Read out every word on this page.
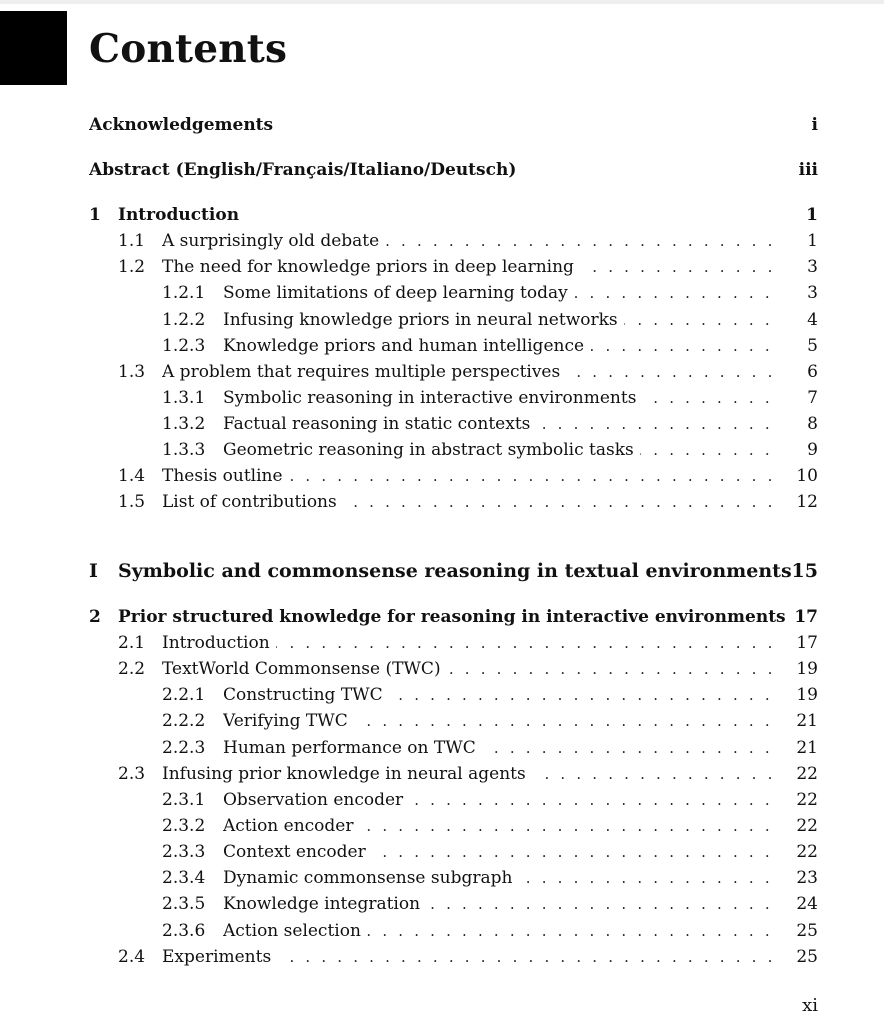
Contents
Acknowledgements	i
Abstract (English/Français/Italiano/Deutsch)	iii
1 Introduction	1
1.1 A surprisingly old debate . . .	1
1.2 The need for knowledge priors in deep learning . . .	3
1.2.1 Some limitations of deep learning today . . .	3
1.2.2 Infusing knowledge priors in neural networks . . .	4
1.2.3 Knowledge priors and human intelligence . . .	5
1.3 A problem that requires multiple perspectives . . .	6
1.3.1 Symbolic reasoning in interactive environments . . .	7
1.3.2 Factual reasoning in static contexts . . .	8
1.3.3 Geometric reasoning in abstract symbolic tasks . . .	9
1.4 Thesis outline . . .	10
1.5 List of contributions . . .	12
I Symbolic and commonsense reasoning in textual environments 15
2 Prior structured knowledge for reasoning in interactive environments 17
2.1 Introduction . . .	17
2.2 TextWorld Commonsense (TWC) . . .	19
2.2.1 Constructing TWC . . .	19
2.2.2 Verifying TWC . . .	21
2.2.3 Human performance on TWC . . .	21
2.3 Infusing prior knowledge in neural agents . . .	22
2.3.1 Observation encoder . . .	22
2.3.2 Action encoder . . .	22
2.3.3 Context encoder . . .	22
2.3.4 Dynamic commonsense subgraph . . .	23
2.3.5 Knowledge integration . . .	24
2.3.6 Action selection . . .	25
2.4 Experiments . . .	25
xi
